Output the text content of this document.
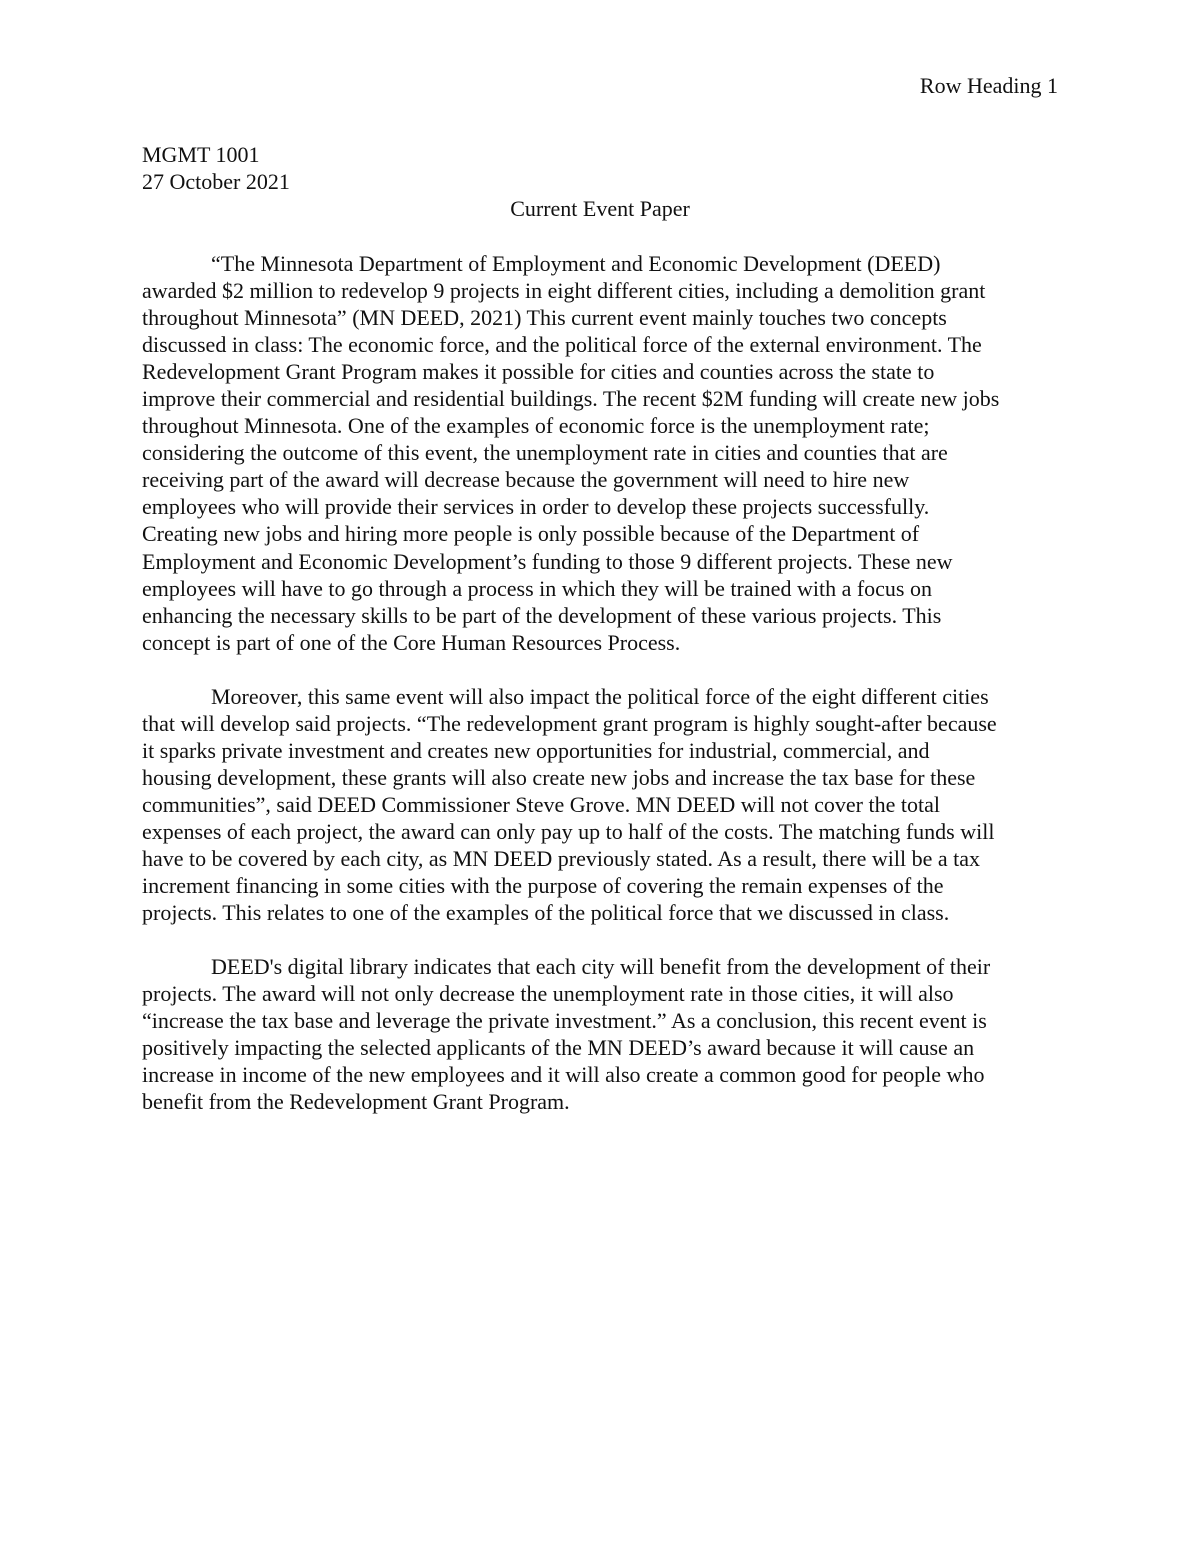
Row Heading 1
MGMT 1001
27 October 2021
Current Event Paper
“The Minnesota Department of Employment and Economic Development (DEED)
awarded $2 million to redevelop 9 projects in eight different cities, including a demolition grant
throughout Minnesota” (MN DEED, 2021) This current event mainly touches two concepts
discussed in class: The economic force, and the political force of the external environment. The
Redevelopment Grant Program makes it possible for cities and counties across the state to
improve their commercial and residential buildings. The recent $2M funding will create new jobs
throughout Minnesota. One of the examples of economic force is the unemployment rate;
considering the outcome of this event, the unemployment rate in cities and counties that are
receiving part of the award will decrease because the government will need to hire new
employees who will provide their services in order to develop these projects successfully.
Creating new jobs and hiring more people is only possible because of the Department of
Employment and Economic Development’s funding to those 9 different projects. These new
employees will have to go through a process in which they will be trained with a focus on
enhancing the necessary skills to be part of the development of these various projects. This
concept is part of one of the Core Human Resources Process.
Moreover, this same event will also impact the political force of the eight different cities
that will develop said projects. “The redevelopment grant program is highly sought-after because
it sparks private investment and creates new opportunities for industrial, commercial, and
housing development, these grants will also create new jobs and increase the tax base for these
communities”, said DEED Commissioner Steve Grove. MN DEED will not cover the total
expenses of each project, the award can only pay up to half of the costs. The matching funds will
have to be covered by each city, as MN DEED previously stated. As a result, there will be a tax
increment financing in some cities with the purpose of covering the remain expenses of the
projects. This relates to one of the examples of the political force that we discussed in class.
DEED's digital library indicates that each city will benefit from the development of their
projects. The award will not only decrease the unemployment rate in those cities, it will also
“increase the tax base and leverage the private investment.” As a conclusion, this recent event is
positively impacting the selected applicants of the MN DEED’s award because it will cause an
increase in income of the new employees and it will also create a common good for people who
benefit from the Redevelopment Grant Program.
